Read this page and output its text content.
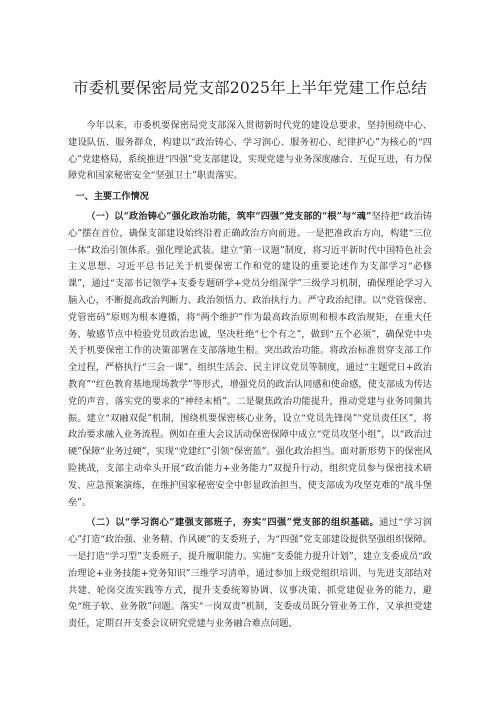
市委机要保密局党支部2025年上半年党建工作总结

今年以来，市委机要保密局党支部深入贯彻新时代党的建设总要求，坚持围绕中心、建设队伍、服务群众，构建以“政治铸心、学习润心、服务初心、纪律护心”为核心的“四心”党建格局，系统推进“四强”党支部建设，实现党建与业务深度融合、互促互进，有力保障党和国家秘密安全“坚强卫士”职责落实。

一、主要工作情况

（一）以“政治铸心”强化政治功能，筑牢“四强”党支部的“根”与“魂”坚持把“政治铸心”摆在首位，确保支部建设始终沿着正确政治方向前进。一是把准政治方向，构建“三位一体”政治引领体系。强化理论武装。建立“第一议题”制度，将习近平新时代中国特色社会主义思想、习近平总书记关于机要保密工作和党的建设的重要论述作为支部学习“必修课”，通过“支部书记领学+支委专题研学+党员分组深学”三级学习机制，确保理论学习入脑入心，不断提高政治判断力、政治领悟力、政治执行力。严守政治纪律。以“党管保密、党管密码”原则为根本遵循，将“两个维护”作为最高政治原则和根本政治规矩，在重大任务、敏感节点中检验党员政治忠诚，坚决杜绝“七个有之”，做到“五个必须”，确保党中央关于机要保密工作的决策部署在支部落地生根。突出政治功能。将政治标准贯穿支部工作全过程，严格执行“三会一课”、组织生活会、民主评议党员等制度，通过“主题党日+政治教育”“红色教育基地现场教学”等形式，增强党员的政治认同感和使命感，使支部成为传达党的声音、落实党的要求的“神经末梢”。二是聚焦政治功能提升，推动党建与业务同频共振。建立“双融双促”机制，围绕机要保密核心业务，设立“党员先锋岗”“党员责任区”，将政治要求融入业务流程。例如在重大会议活动保密保障中成立“党员攻坚小组”，以“政治过硬”保障“业务过硬”，实现“党建红”引领“保密蓝”。强化政治担当。面对新形势下的保密风险挑战，支部主动牵头开展“政治能力+业务能力”双提升行动，组织党员参与保密技术研发、应急预案演练，在维护国家秘密安全中彰显政治担当，使支部成为攻坚克难的“战斗堡垒”。

（二）以“学习润心”建强支部班子，夯实“四强”党支部的组织基础。通过“学习润心”打造“政治强、业务精、作风硬”的支委班子，为“四强”党支部建设提供坚强组织保障。一是打造“学习型”支委班子，提升履职能力。实施“支委能力提升计划”，建立支委成员“政治理论+业务技能+党务知识”三维学习清单，通过参加上级党组织培训、与先进支部结对共建、轮岗交流实践等方式，提升支委统筹协调、议事决策、抓党建促业务的能力，避免“班子软、业务散”问题。落实“一岗双责”机制，支委成员既分管业务工作，又承担党建责任，定期召开支委会议研究党建与业务融合难点问题，
